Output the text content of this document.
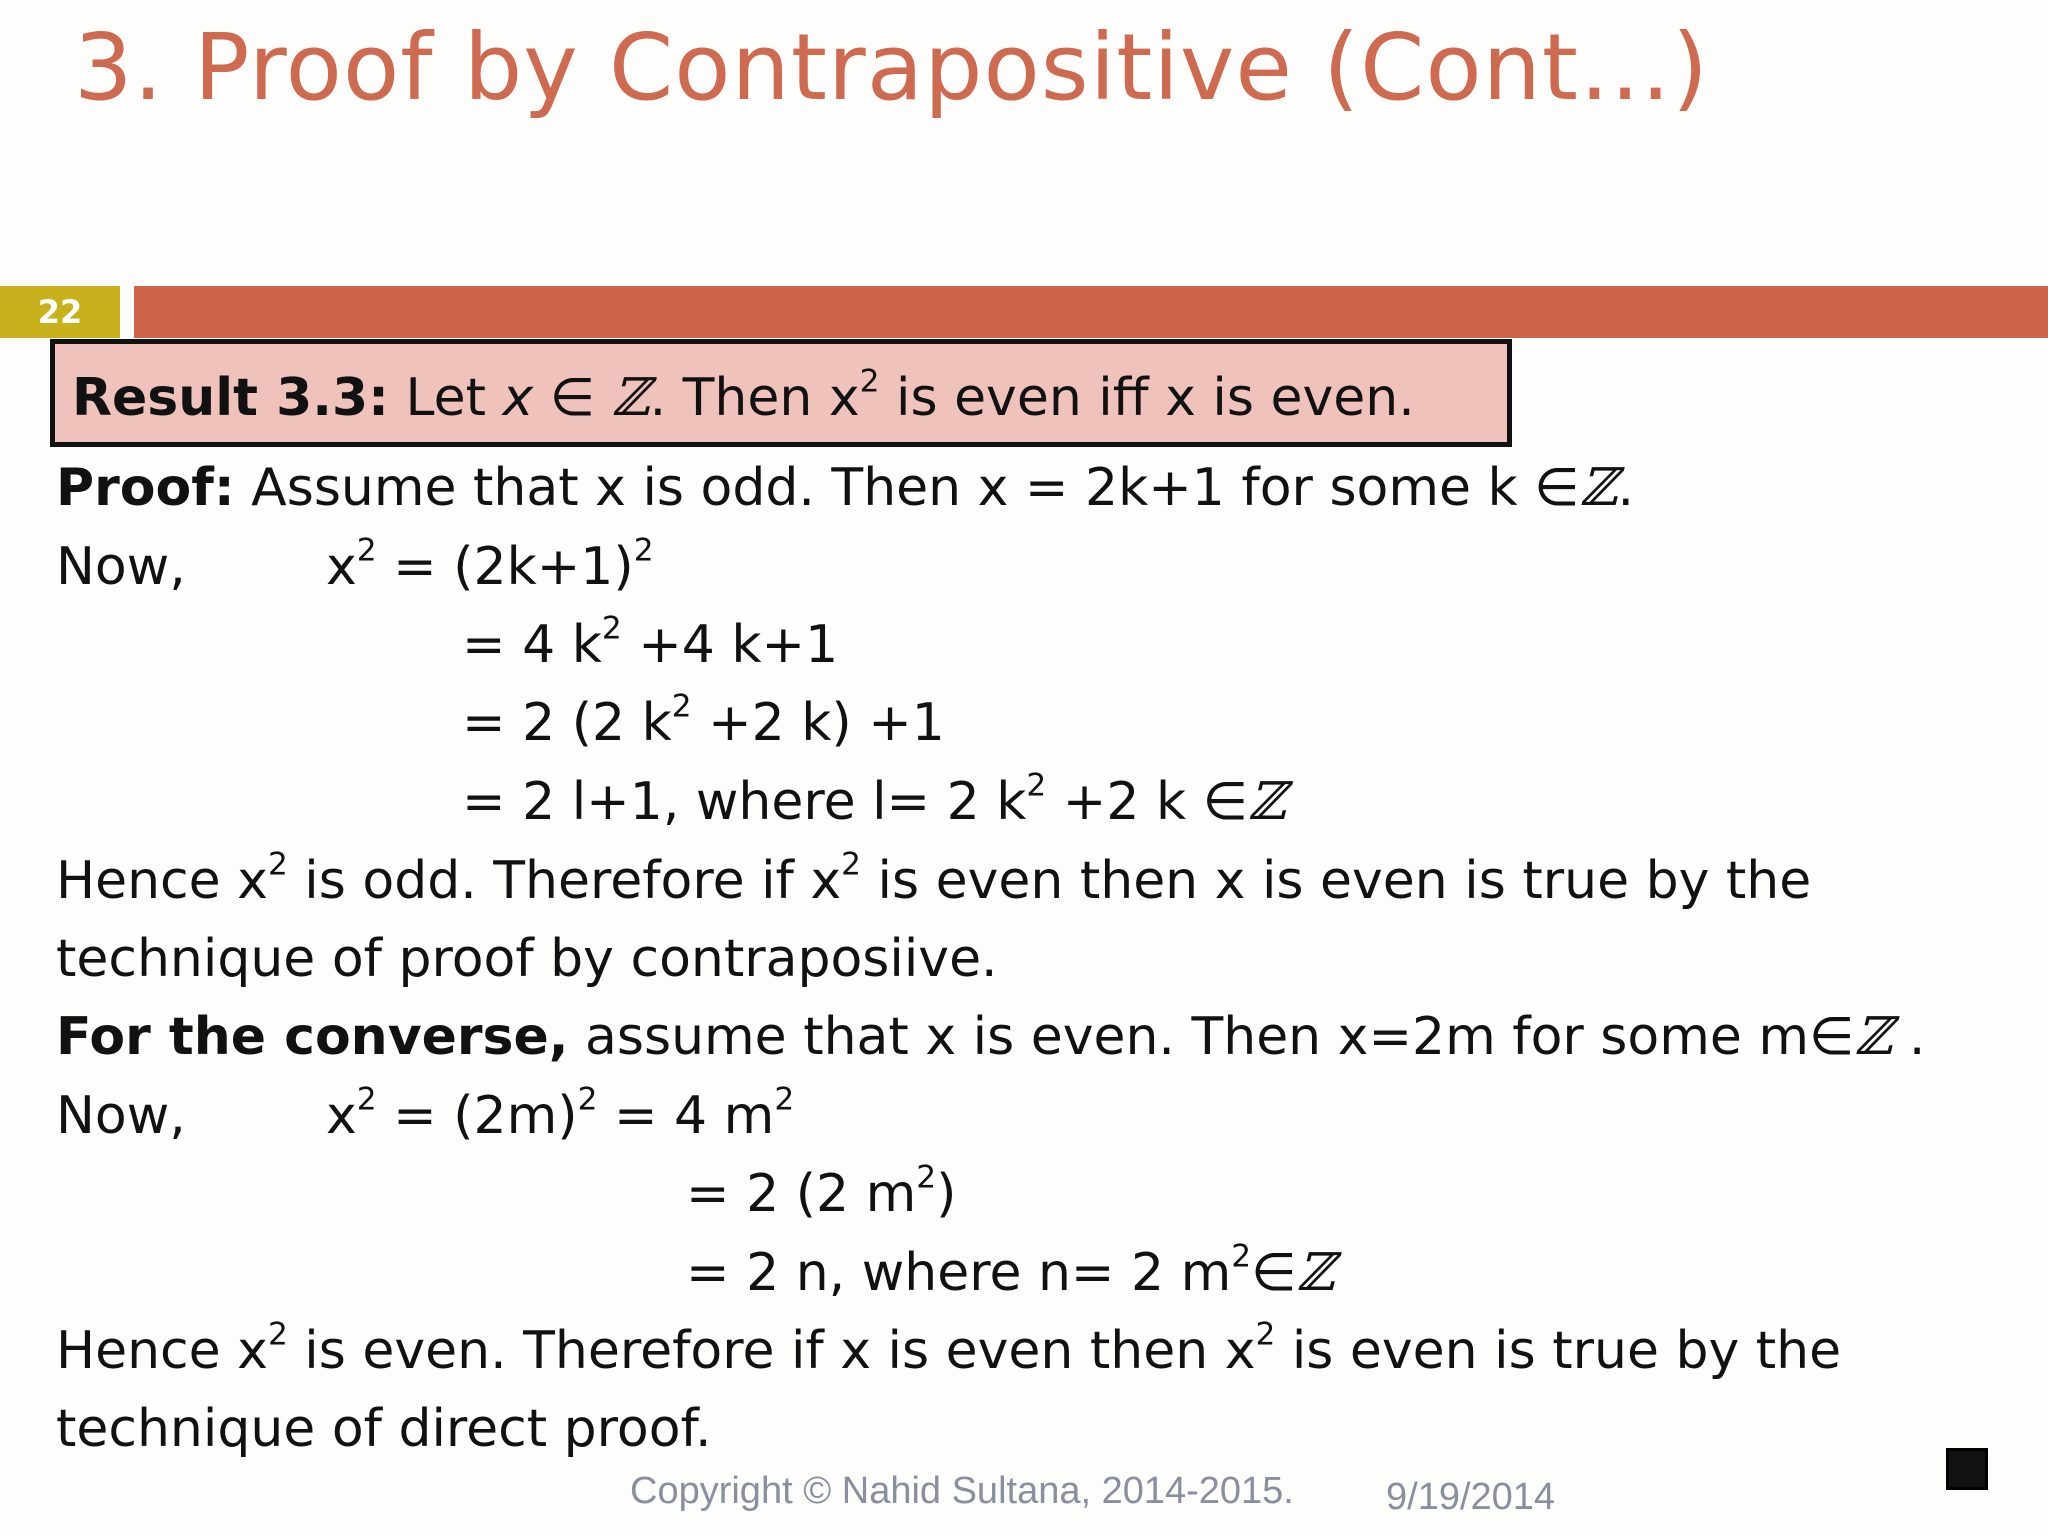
3. Proof by Contrapositive (Cont…)
22
Result 3.3: Let x ∈ ℤ. Then $x^2$ is even iff x is even.
Proof: Assume that x is odd. Then x = 2k+1 for some k ∈ℤ.
Now,	$x^2 = (2k+1)^2$
= 4 $k^2 +4$ k+1
= 2 (2 $k^2 +2$ k) +1
= 2 l+1, where l= 2 $k^2 +2$ k ∈ℤ
Hence $x^2$ is odd. Therefore if $x^2$ is even then x is even is true by the
technique of proof by contraposiive.
For the converse, assume that x is even. Then x=2m for some m∈ℤ .
Now,	$x^2 = (2m)^2 = 4$ $m^2$
= 2 (2 $m^2$)
= 2 n, where n= 2 $m^2\in ℤ$
Hence $x^2$ is even. Therefore if x is even then $x^2$ is even is true by the
technique of direct proof.
Copyright © Nahid Sultana, 2014-2015. 9/19/2014
